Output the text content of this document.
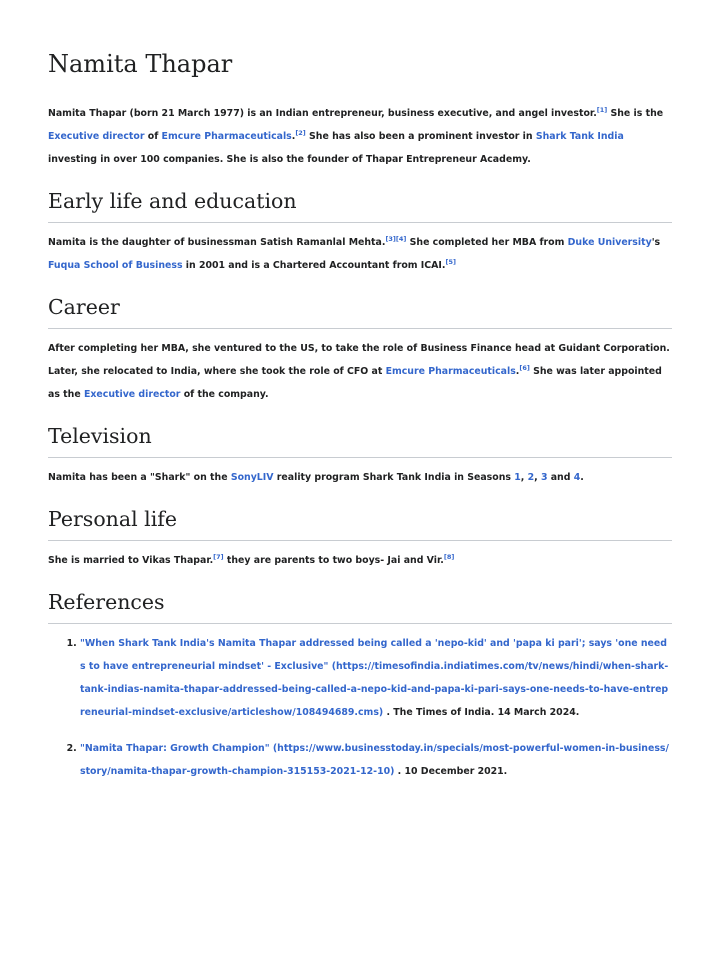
Namita Thapar

Namita Thapar (born 21 March 1977) is an Indian entrepreneur, business executive, and angel investor.[1] She is the Executive director of Emcure Pharmaceuticals.[2] She has also been a prominent investor in Shark Tank India investing in over 100 companies. She is also the founder of Thapar Entrepreneur Academy.

Early life and education

Namita is the daughter of businessman Satish Ramanlal Mehta.[3][4] She completed her MBA from Duke University's Fuqua School of Business in 2001 and is a Chartered Accountant from ICAI.[5]

Career

After completing her MBA, she ventured to the US, to take the role of Business Finance head at Guidant Corporation. Later, she relocated to India, where she took the role of CFO at Emcure Pharmaceuticals.[6] She was later appointed as the Executive director of the company.

Television

Namita has been a "Shark" on the SonyLIV reality program Shark Tank India in Seasons 1, 2, 3 and 4.

Personal life

She is married to Vikas Thapar.[7] they are parents to two boys- Jai and Vir.[8]

References
1. "When Shark Tank India's Namita Thapar addressed being called a 'nepo-kid' and 'papa ki pari'; says 'one needs to have entrepreneurial mindset' - Exclusive" (https://timesofindia.indiatimes.com/tv/news/hindi/when-shark-tank-indias-namita-thapar-addressed-being-called-a-nepo-kid-and-papa-ki-pari-says-one-needs-to-have-entrepreneurial-mindset-exclusive/articleshow/108494689.cms) . The Times of India. 14 March 2024.
2. "Namita Thapar: Growth Champion" (https://www.businesstoday.in/specials/most-powerful-women-in-business/story/namita-thapar-growth-champion-315153-2021-12-10) . 10 December 2021.
